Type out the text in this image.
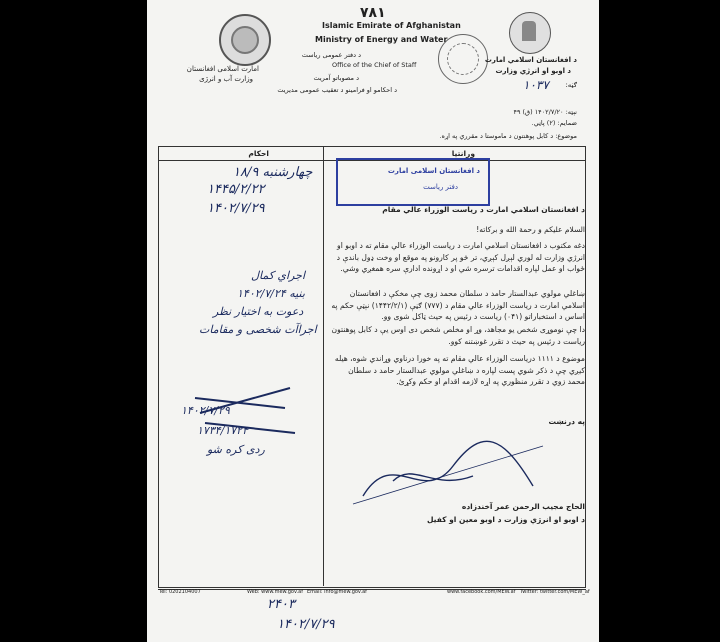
۷۸۱
امارت اسلامی افغانستان
وزارت آب و انرژی
Islamic Emirate of Afghanistan
Ministry of Energy and Water
د دفتر عمومی ریاست
Office of the Chief of Staff
د مصوباتو آمریت
د احکامو او فرامینو د تعقیب عمومی مدیریت
د افغانستان اسلامي امارت
د اوبو او انرژي وزارت
ګڼه:
۱۰۳۷
نېټه: ۱۴۰۲/۷/۲۰ (ق) ۴۹
ضمایم: (۲) پاڼي.
موضوع: د کابل پوهنتون د ماموستا د مقرري په اړه.
ورانتیا
احکام
د افغانستان اسلامی امارت
دفتر ریاست
د افغانستان اسلامي امارت د رياست الوزراء عالي مقام
السلام علیکم و رحمة الله و برکاته!
دغه مکتوب د افغانستان اسلامي امارت د رياست الوزراء عالي مقام ته د اوبو او انرژي وزارت له لوري لېږل کېږي، تر څو پر کارونو په موقع او وخت ډول باندې د ځواب او عمل لپاره اقدامات ترسره شي او د اړونده ادارې سره همغږي وشي.
ښاغلي مولوي عبدالستار حامد د سلطان محمد زوی چې مخکې د افغانستان اسلامي امارت د رياست الوزراء عالي مقام د (۷۷۷) ګڼې (۱۴۴۲/۲/۱) نېټې حکم په اساس د استخباراتو (۰۴۱) رياست د رئيس په حيث ټاکل شوی وو.
دا چې نوموړی شخص يو مجاهد، وړ او مخلص شخص دی اوس يې د کابل پوهنتون رياست د رئيس په حيث د تقرر غوښتنه کوو.
موضوع د ۱۱۱۱ درياست الوزراء عالي مقام ته په خورا درناوي وړاندي شوه، هيله کيږي چې د ذکر شوي پست لپاره د ښاغلي مولوي عبدالستار حامد د سلطان محمد زوي د تقرر منظوري په اړه لازمه اقدام او حکم وکړئ.
په درنښت
الحاج مجيب الرحمن عمر آخندزاده
د اوبو او انرژي وزارت د اوبو معين او کفيل
چهارشنبه ۱۸/۹
۱۴۴۵/۲/۲۲
۱۴۰۲/۷/۲۹
اجراي كمال
بنیه ۱۴۰۲/۷/۲۴
دعوت به اختیار نظر
اجراآت شخصی و مقامات
۱۴۰۲/۷/۲۹
۱۷۳۴/۱۷۲۴
ردی کره شو
Tel: 0202104007	Web: www.mew.gov.af Email: info@mew.gov.af	www.facebook.com/MEW.af Twitter: twitter.com/MEW_af
۲۴۰۳
۱۴۰۲/۷/۲۹
